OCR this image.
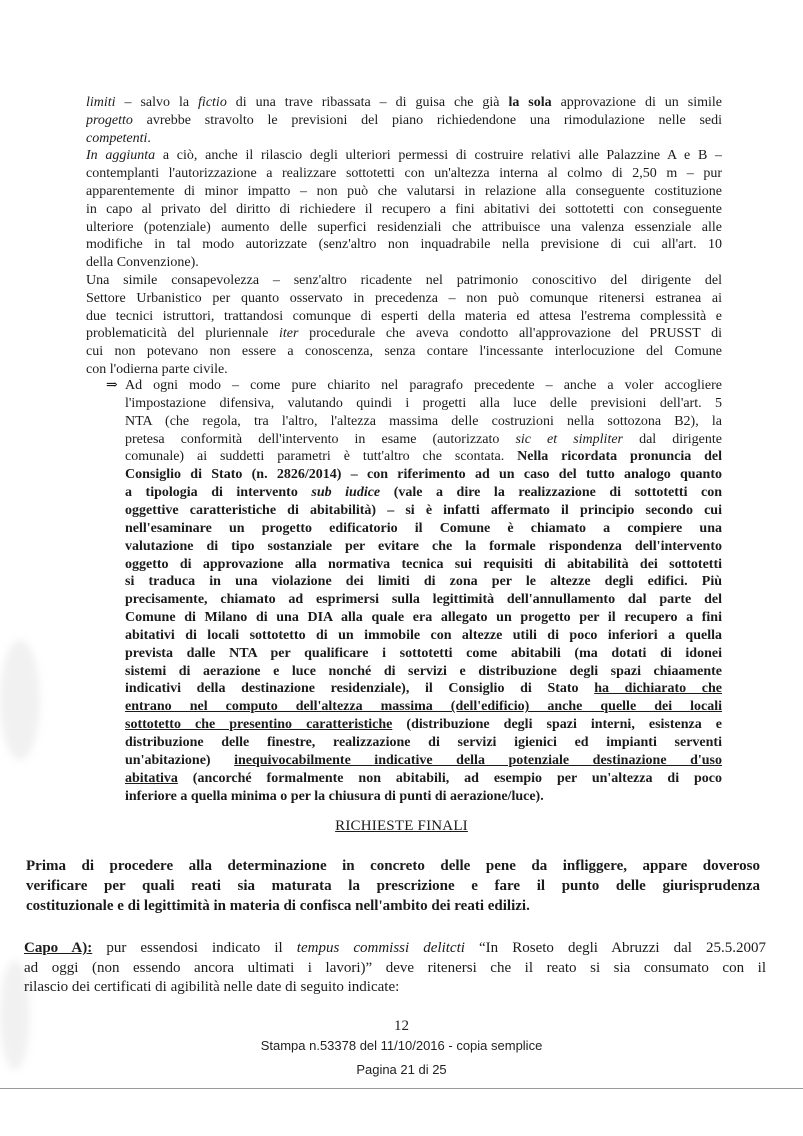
limiti – salvo la fictio di una trave ribassata – di guisa che già la sola approvazione di un simile
progetto avrebbe stravolto le previsioni del piano richiedendone una rimodulazione nelle sedi
competenti.
In aggiunta a ciò, anche il rilascio degli ulteriori permessi di costruire relativi alle Palazzine A e B –
contemplanti l'autorizzazione a realizzare sottotetti con un'altezza interna al colmo di 2,50 m – pur
apparentemente di minor impatto – non può che valutarsi in relazione alla conseguente costituzione
in capo al privato del diritto di richiedere il recupero a fini abitativi dei sottotetti con conseguente
ulteriore (potenziale) aumento delle superfici residenziali che attribuisce una valenza essenziale alle
modifiche in tal modo autorizzate (senz'altro non inquadrabile nella previsione di cui all'art. 10
della Convenzione).
Una simile consapevolezza – senz'altro ricadente nel patrimonio conoscitivo del dirigente del
Settore Urbanistico per quanto osservato in precedenza – non può comunque ritenersi estranea ai
due tecnici istruttori, trattandosi comunque di esperti della materia ed attesa l'estrema complessità e
problematicità del pluriennale iter procedurale che aveva condotto all'approvazione del PRUSST di
cui non potevano non essere a conoscenza, senza contare l'incessante interlocuzione del Comune
con l'odierna parte civile.
⇒ Ad ogni modo – come pure chiarito nel paragrafo precedente – anche a voler accogliere
l'impostazione difensiva, valutando quindi i progetti alla luce delle previsioni dell'art. 5
NTA (che regola, tra l'altro, l'altezza massima delle costruzioni nella sottozona B2), la
pretesa conformità dell'intervento in esame (autorizzato sic et simpliter dal dirigente
comunale) ai suddetti parametri è tutt'altro che scontata. Nella ricordata pronuncia del
Consiglio di Stato (n. 2826/2014) – con riferimento ad un caso del tutto analogo quanto
a tipologia di intervento sub iudice (vale a dire la realizzazione di sottotetti con
oggettive caratteristiche di abitabilità) – si è infatti affermato il principio secondo cui
nell'esaminare un progetto edificatorio il Comune è chiamato a compiere una
valutazione di tipo sostanziale per evitare che la formale rispondenza dell'intervento
oggetto di approvazione alla normativa tecnica sui requisiti di abitabilità dei sottotetti
si traduca in una violazione dei limiti di zona per le altezze degli edifici. Più
precisamente, chiamato ad esprimersi sulla legittimità dell'annullamento dal parte del
Comune di Milano di una DIA alla quale era allegato un progetto per il recupero a fini
abitativi di locali sottotetto di un immobile con altezze utili di poco inferiori a quella
prevista dalle NTA per qualificare i sottotetti come abitabili (ma dotati di idonei
sistemi di aerazione e luce nonché di servizi e distribuzione degli spazi chiaamente
indicativi della destinazione residenziale), il Consiglio di Stato ha dichiarato che
entrano nel computo dell'altezza massima (dell'edificio) anche quelle dei locali
sottotetto che presentino caratteristiche (distribuzione degli spazi interni, esistenza e
distribuzione delle finestre, realizzazione di servizi igienici ed impianti serventi
un'abitazione) inequivocabilmente indicative della potenziale destinazione d'uso
abitativa (ancorché formalmente non abitabili, ad esempio per un'altezza di poco
inferiore a quella minima o per la chiusura di punti di aerazione/luce).
RICHIESTE FINALI
Prima di procedere alla determinazione in concreto delle pene da infliggere, appare doveroso
verificare per quali reati sia maturata la prescrizione e fare il punto delle giurisprudenza
costituzionale e di legittimità in materia di confisca nell'ambito dei reati edilizi.
Capo A): pur essendosi indicato il tempus commissi delitcti “In Roseto degli Abruzzi dal 25.5.2007
ad oggi (non essendo ancora ultimati i lavori)” deve ritenersi che il reato si sia consumato con il
rilascio dei certificati di agibilità nelle date di seguito indicate:
12
Stampa n.53378 del 11/10/2016 - copia semplice
Pagina 21 di 25
